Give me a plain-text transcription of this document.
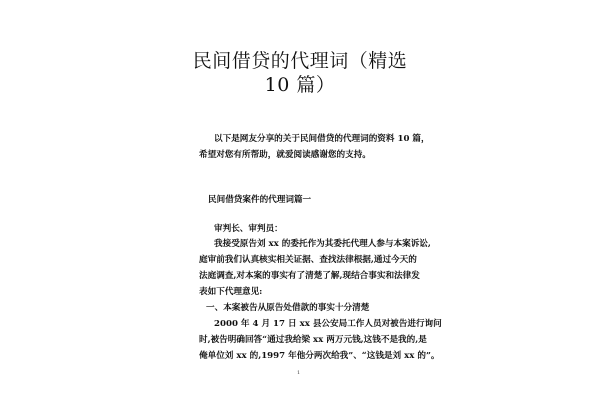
民间借贷的代理词（精选
10 篇）
以下是网友分享的关于民间借贷的代理词的资料 10 篇，
希望对您有所帮助，就爱阅读感谢您的支持。
民间借贷案件的代理词篇一
审判长、审判员：
我接受原告刘 xx 的委托作为其委托代理人参与本案诉讼,
庭审前我们认真核实相关证据、查找法律根据,通过今天的
法庭调查,对本案的事实有了清楚了解,现结合事实和法律发
表如下代理意见:
一、本案被告从原告处借款的事实十分清楚
2000 年 4 月 17 日 xx 县公安局工作人员对被告进行询问
时,被告明确回答“通过我给梁 xx 两万元钱,这钱不是我的,是
俺单位刘 xx 的,1997 年他分两次给我”、“这钱是刘 xx 的”。
1
